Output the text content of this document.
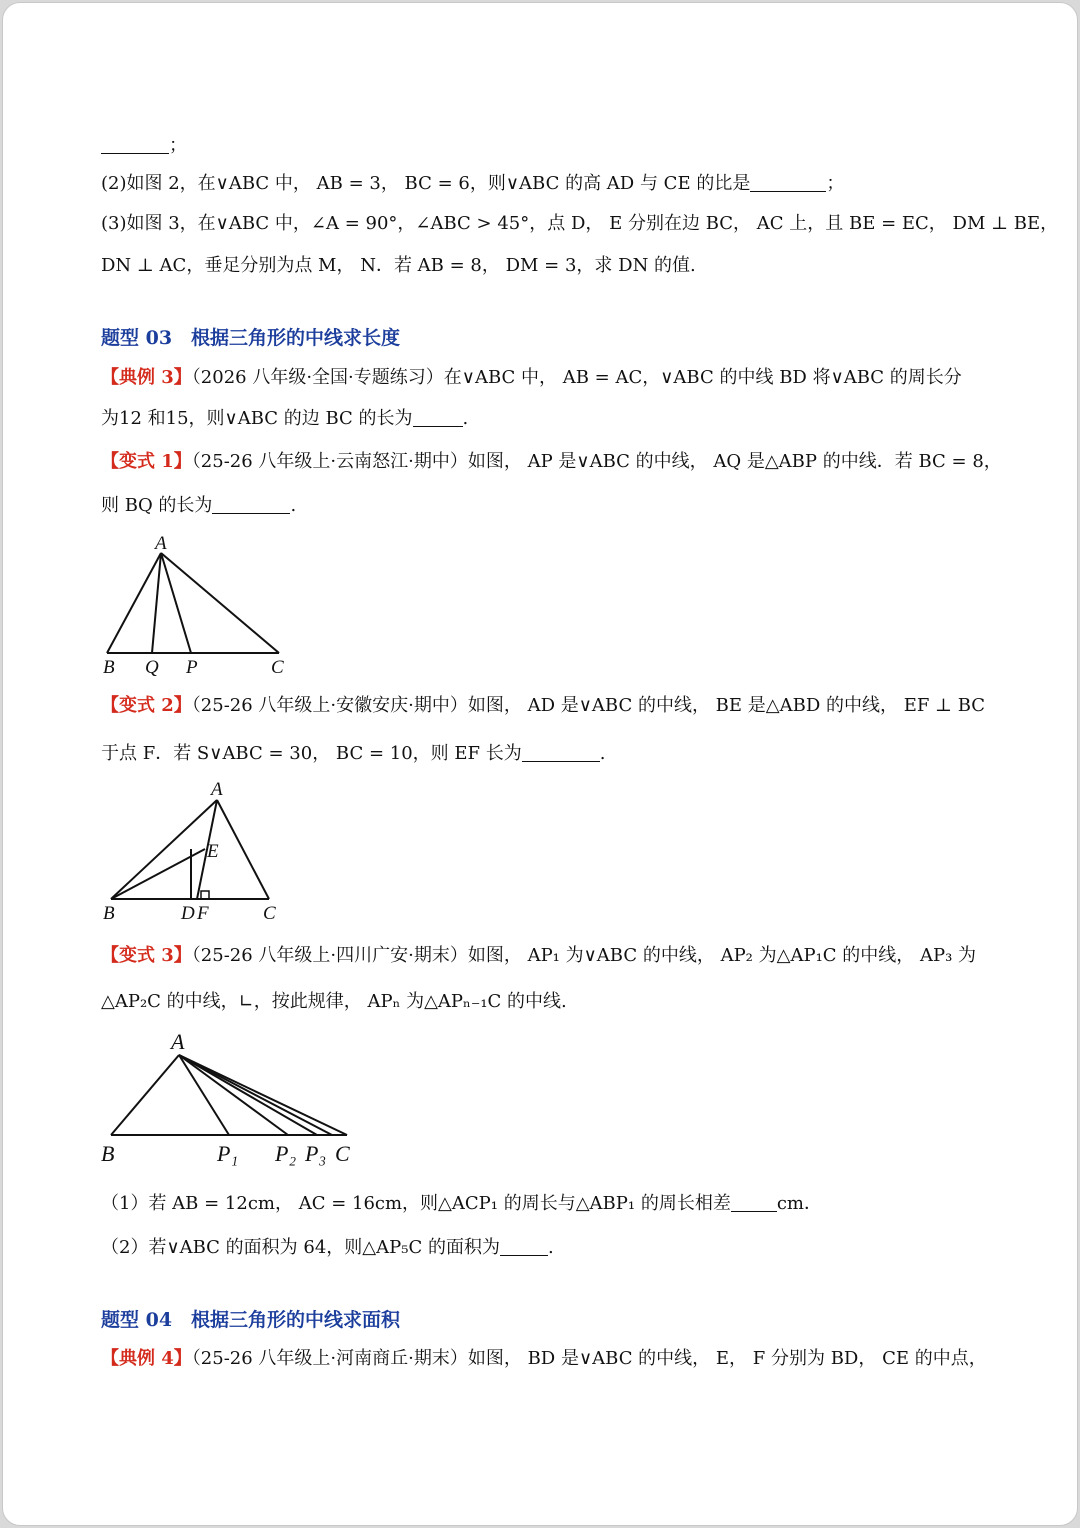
；
(2)如图 2，在∨ABC 中， AB = 3， BC = 6，则∨ABC 的高 AD 与 CE 的比是	；
(3)如图 3，在∨ABC 中，∠A = 90°，∠ABC > 45°，点 D， E 分别在边 BC， AC 上，且 BE = EC， DM ⊥ BE，
DN ⊥ AC，垂足分别为点 M， N．若 AB = 8， DM = 3，求 DN 的值.
题型 03　根据三角形的中线求长度
【典例 3】（2026 八年级·全国·专题练习）在∨ABC 中， AB = AC，∨ABC 的中线 BD 将∨ABC 的周长分
为12 和15，则∨ABC 的边 BC 的长为	.
【变式 1】（25-26 八年级上·云南怒江·期中）如图， AP 是∨ABC 的中线， AQ 是△ABP 的中线．若 BC = 8，
则 BQ 的长为	.
A
B Q P	C
【变式 2】（25-26 八年级上·安徽安庆·期中）如图， AD 是∨ABC 的中线， BE 是△ABD 的中线， EF ⊥ BC
于点 F．若 S∨ABC = 30， BC = 10，则 EF 长为	.
A
E
B	D F	C
【变式 3】（25-26 八年级上·四川广安·期末）如图， AP₁ 为∨ABC 的中线， AP₂ 为△AP₁C 的中线， AP₃ 为
△AP₂C 的中线，∟，按此规律， APₙ 为△APₙ₋₁C 的中线.
A
B	P₁ P₂ P₃ C
（1）若 AB = 12cm， AC = 16cm，则△ACP₁ 的周长与△ABP₁ 的周长相差	cm．
（2）若∨ABC 的面积为 64，则△AP₅C 的面积为	.
题型 04　根据三角形的中线求面积
【典例 4】（25-26 八年级上·河南商丘·期末）如图， BD 是∨ABC 的中线， E， F 分别为 BD， CE 的中点，
